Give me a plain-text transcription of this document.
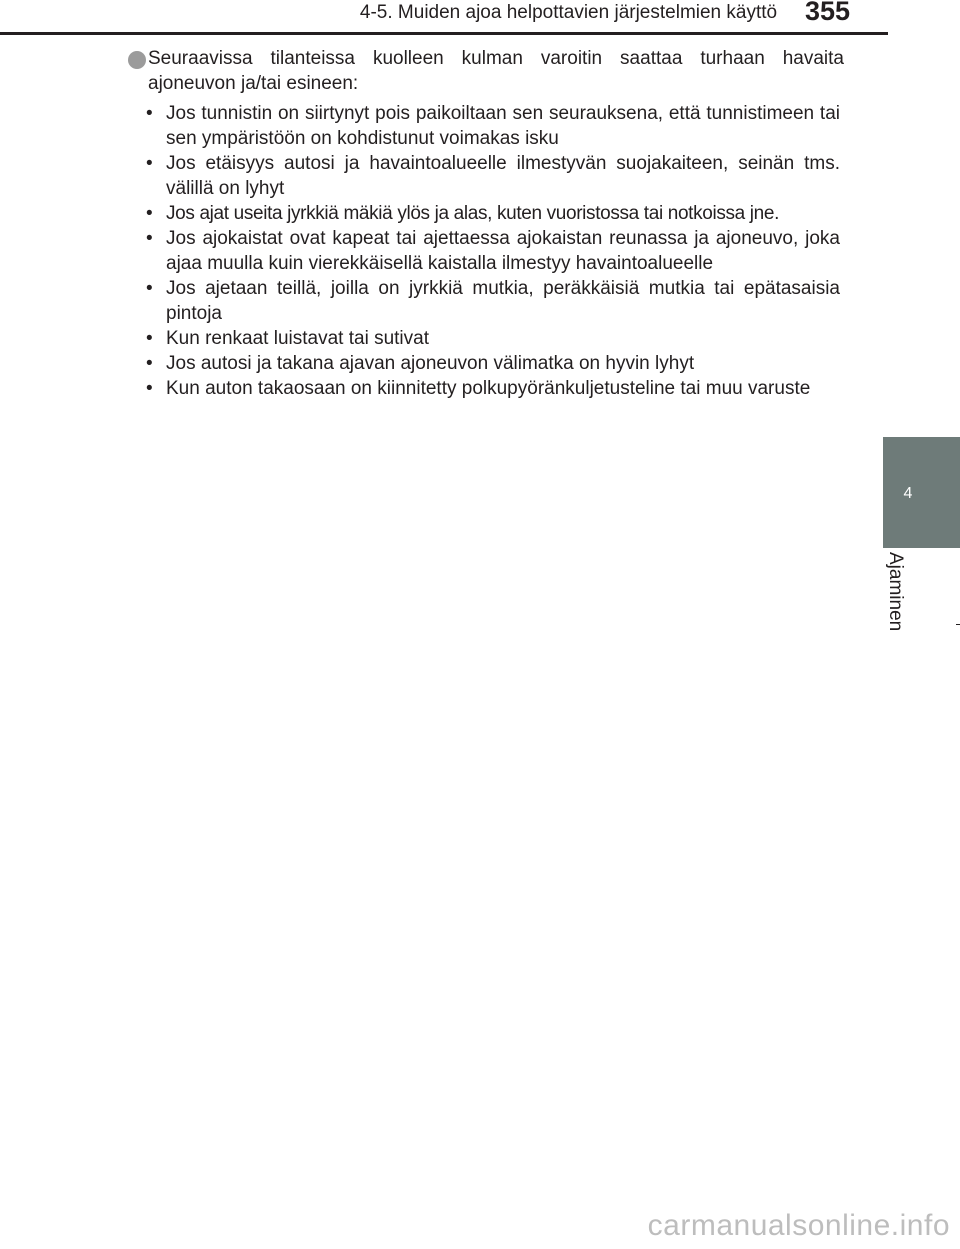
4-5. Muiden ajoa helpottavien järjestelmien käyttö	355
4
Ajaminen
Seuraavissa tilanteissa kuolleen kulman varoitin saattaa turhaan havaita ajoneuvon ja/tai esineen:
• Jos tunnistin on siirtynyt pois paikoiltaan sen seurauksena, että tunnistimeen tai sen ympäristöön on kohdistunut voimakas isku
• Jos etäisyys autosi ja havaintoalueelle ilmestyvän suojakaiteen, seinän tms. välillä on lyhyt
• Jos ajat useita jyrkkiä mäkiä ylös ja alas, kuten vuoristossa tai notkoissa jne.
• Jos ajokaistat ovat kapeat tai ajettaessa ajokaistan reunassa ja ajoneuvo, joka ajaa muulla kuin vierekkäisellä kaistalla ilmestyy havaintoalueelle
• Jos ajetaan teillä, joilla on jyrkkiä mutkia, peräkkäisiä mutkia tai epätasaisia pintoja
• Kun renkaat luistavat tai sutivat
• Jos autosi ja takana ajavan ajoneuvon välimatka on hyvin lyhyt
• Kun auton takaosaan on kiinnitetty polkupyöränkuljetusteline tai muu varuste
carmanualsonline.info
